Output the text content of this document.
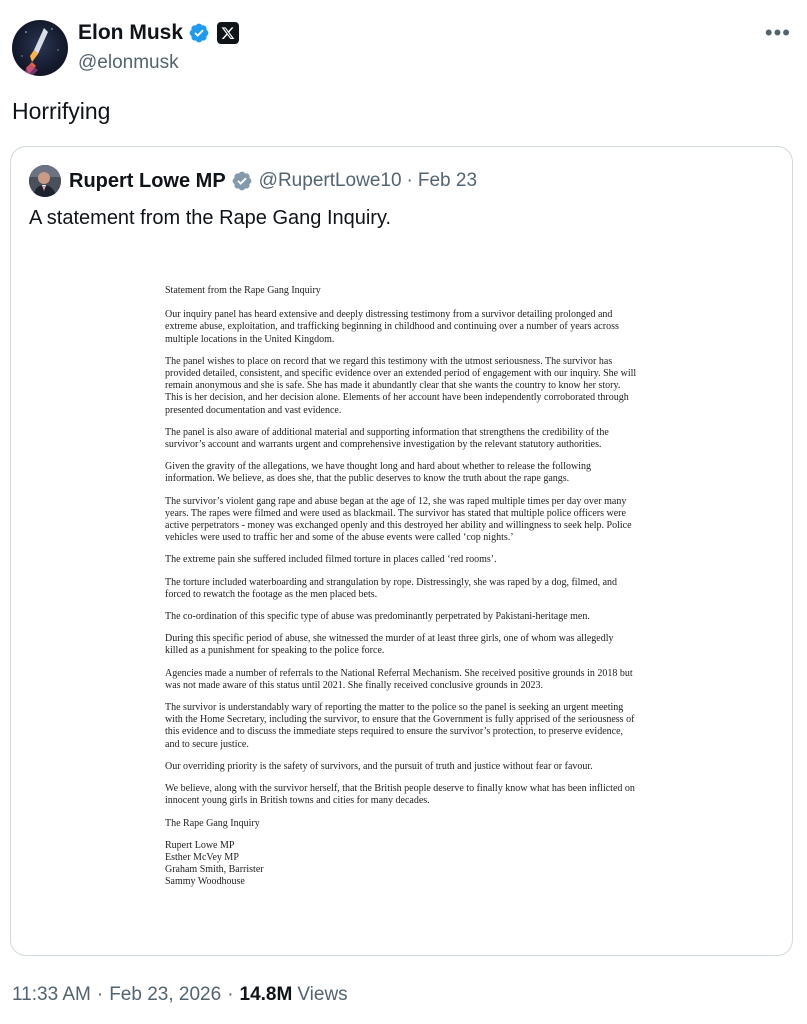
Elon Musk
@elonmusk
•••
Horrifying
Rupert Lowe MP @RupertLowe10 · Feb 23
A statement from the Rape Gang Inquiry.

Statement from the Rape Gang Inquiry

Our inquiry panel has heard extensive and deeply distressing testimony from a survivor detailing prolonged and extreme abuse, exploitation, and trafficking beginning in childhood and continuing over a number of years across multiple locations in the United Kingdom.

The panel wishes to place on record that we regard this testimony with the utmost seriousness. The survivor has provided detailed, consistent, and specific evidence over an extended period of engagement with our inquiry. She will remain anonymous and she is safe. She has made it abundantly clear that she wants the country to know her story. This is her decision, and her decision alone. Elements of her account have been independently corroborated through presented documentation and vast evidence.

The panel is also aware of additional material and supporting information that strengthens the credibility of the survivor’s account and warrants urgent and comprehensive investigation by the relevant statutory authorities.

Given the gravity of the allegations, we have thought long and hard about whether to release the following information. We believe, as does she, that the public deserves to know the truth about the rape gangs.

The survivor’s violent gang rape and abuse began at the age of 12, she was raped multiple times per day over many years. The rapes were filmed and were used as blackmail. The survivor has stated that multiple police officers were active perpetrators - money was exchanged openly and this destroyed her ability and willingness to seek help. Police vehicles were used to traffic her and some of the abuse events were called ‘cop nights.’

The extreme pain she suffered included filmed torture in places called ‘red rooms’.

The torture included waterboarding and strangulation by rope. Distressingly, she was raped by a dog, filmed, and forced to rewatch the footage as the men placed bets.

The co-ordination of this specific type of abuse was predominantly perpetrated by Pakistani-heritage men.

During this specific period of abuse, she witnessed the murder of at least three girls, one of whom was allegedly killed as a punishment for speaking to the police force.

Agencies made a number of referrals to the National Referral Mechanism. She received positive grounds in 2018 but was not made aware of this status until 2021. She finally received conclusive grounds in 2023.

The survivor is understandably wary of reporting the matter to the police so the panel is seeking an urgent meeting with the Home Secretary, including the survivor, to ensure that the Government is fully apprised of the seriousness of this evidence and to discuss the immediate steps required to ensure the survivor’s protection, to preserve evidence, and to secure justice.

Our overriding priority is the safety of survivors, and the pursuit of truth and justice without fear or favour.

We believe, along with the survivor herself, that the British people deserve to finally know what has been inflicted on innocent young girls in British towns and cities for many decades.

The Rape Gang Inquiry

Rupert Lowe MP
Esther McVey MP
Graham Smith, Barrister
Sammy Woodhouse

11:33 AM · Feb 23, 2026 · 14.8M Views
